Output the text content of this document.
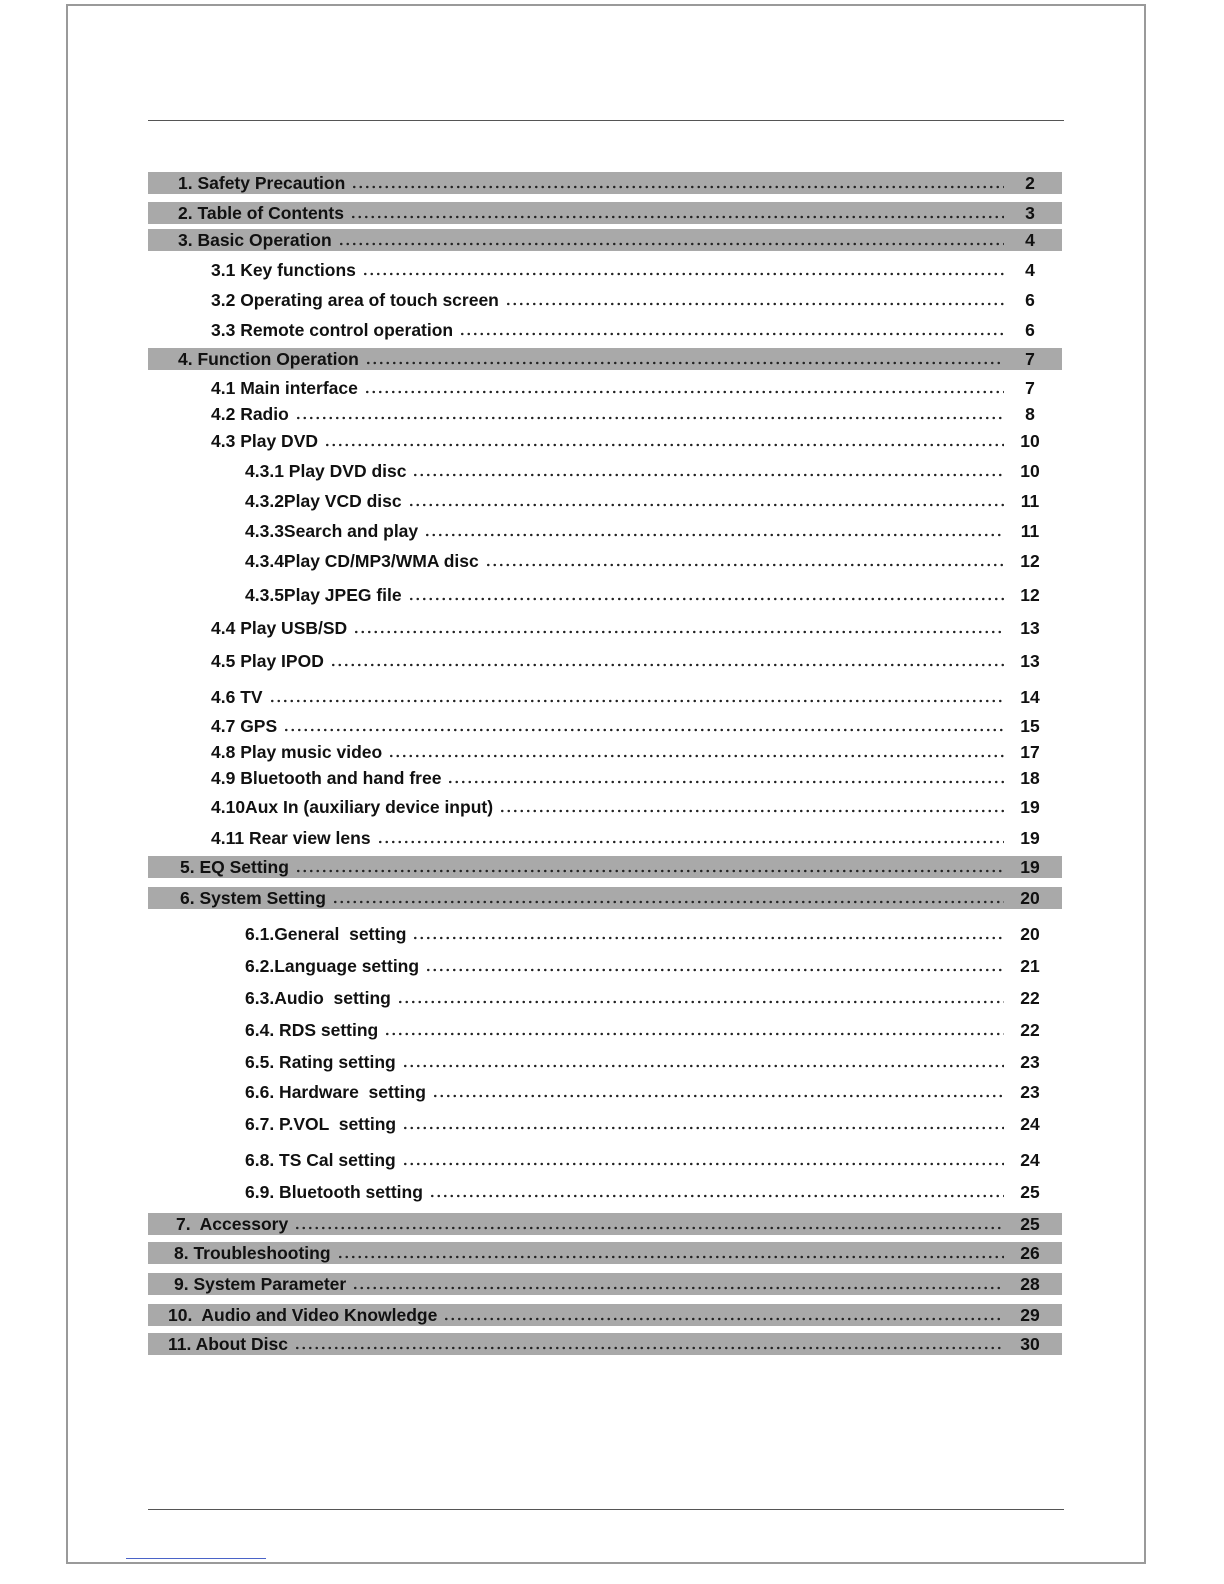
1. Safety Precaution	2
2. Table of Contents	3
3. Basic Operation	4
3.1 Key functions	4
3.2 Operating area of touch screen	6
3.3 Remote control operation	6
4. Function Operation	7
4.1 Main interface	7
4.2 Radio	8
4.3 Play DVD	10
4.3.1 Play DVD disc	10
4.3.2Play VCD disc	11
4.3.3Search and play	11
4.3.4Play CD/MP3/WMA disc	12
4.3.5Play JPEG file	12
4.4 Play USB/SD	13
4.5 Play IPOD	13
4.6 TV	14
4.7 GPS	15
4.8 Play music video	17
4.9 Bluetooth and hand free	18
4.10Aux In (auxiliary device input)	19
4.11 Rear view lens	19
5. EQ Setting	19
6. System Setting	20
6.1.General  setting	20
6.2.Language setting	21
6.3.Audio  setting	22
6.4. RDS setting	22
6.5. Rating setting	23
6.6. Hardware  setting	23
6.7. P.VOL  setting	24
6.8. TS Cal setting	24
6.9. Bluetooth setting	25
7.  Accessory	25
8. Troubleshooting	26
9. System Parameter	28
10.  Audio and Video Knowledge	29
11. About Disc	30
